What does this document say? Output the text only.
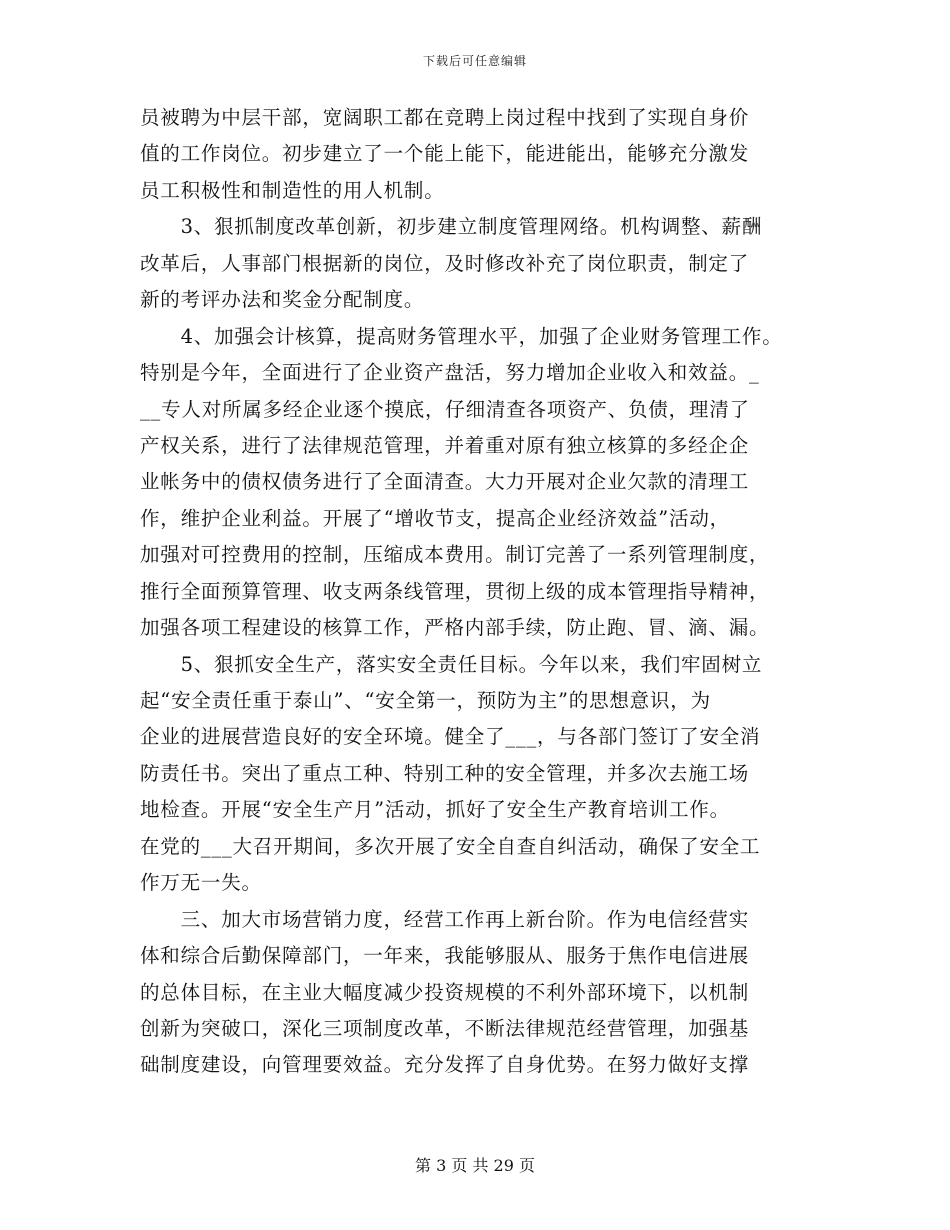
下载后可任意编辑
员被聘为中层干部，宽阔职工都在竞聘上岗过程中找到了实现自身价
值的工作岗位。初步建立了一个能上能下，能进能出，能够充分激发
员工积极性和制造性的用人机制。
　　3、狠抓制度改革创新，初步建立制度管理网络。机构调整、薪酬
改革后，人事部门根据新的岗位，及时修改补充了岗位职责，制定了
新的考评办法和奖金分配制度。
　　4、加强会计核算，提高财务管理水平，加强了企业财务管理工作。
特别是今年，全面进行了企业资产盘活，努力增加企业收入和效益。_
__专人对所属多经企业逐个摸底，仔细清查各项资产、负债，理清了
产权关系，进行了法律规范管理，并着重对原有独立核算的多经企企
业帐务中的债权债务进行了全面清查。大力开展对企业欠款的清理工
作，维护企业利益。开展了“增收节支，提高企业经济效益”活动，
加强对可控费用的控制，压缩成本费用。制订完善了一系列管理制度，
推行全面预算管理、收支两条线管理，贯彻上级的成本管理指导精神，
加强各项工程建设的核算工作，严格内部手续，防止跑、冒、滴、漏。
　　5、狠抓安全生产，落实安全责任目标。今年以来，我们牢固树立
起“安全责任重于泰山”、“安全第一，预防为主”的思想意识，为
企业的进展营造良好的安全环境。健全了___，与各部门签订了安全消
防责任书。突出了重点工种、特别工种的安全管理，并多次去施工场
地检查。开展“安全生产月”活动，抓好了安全生产教育培训工作。
在党的___大召开期间，多次开展了安全自查自纠活动，确保了安全工
作万无一失。
　　三、加大市场营销力度，经营工作再上新台阶。作为电信经营实
体和综合后勤保障部门，一年来，我能够服从、服务于焦作电信进展
的总体目标，在主业大幅度减少投资规模的不利外部环境下，以机制
创新为突破口，深化三项制度改革，不断法律规范经营管理，加强基
础制度建设，向管理要效益。充分发挥了自身优势。在努力做好支撑
第 3 页 共 29 页
